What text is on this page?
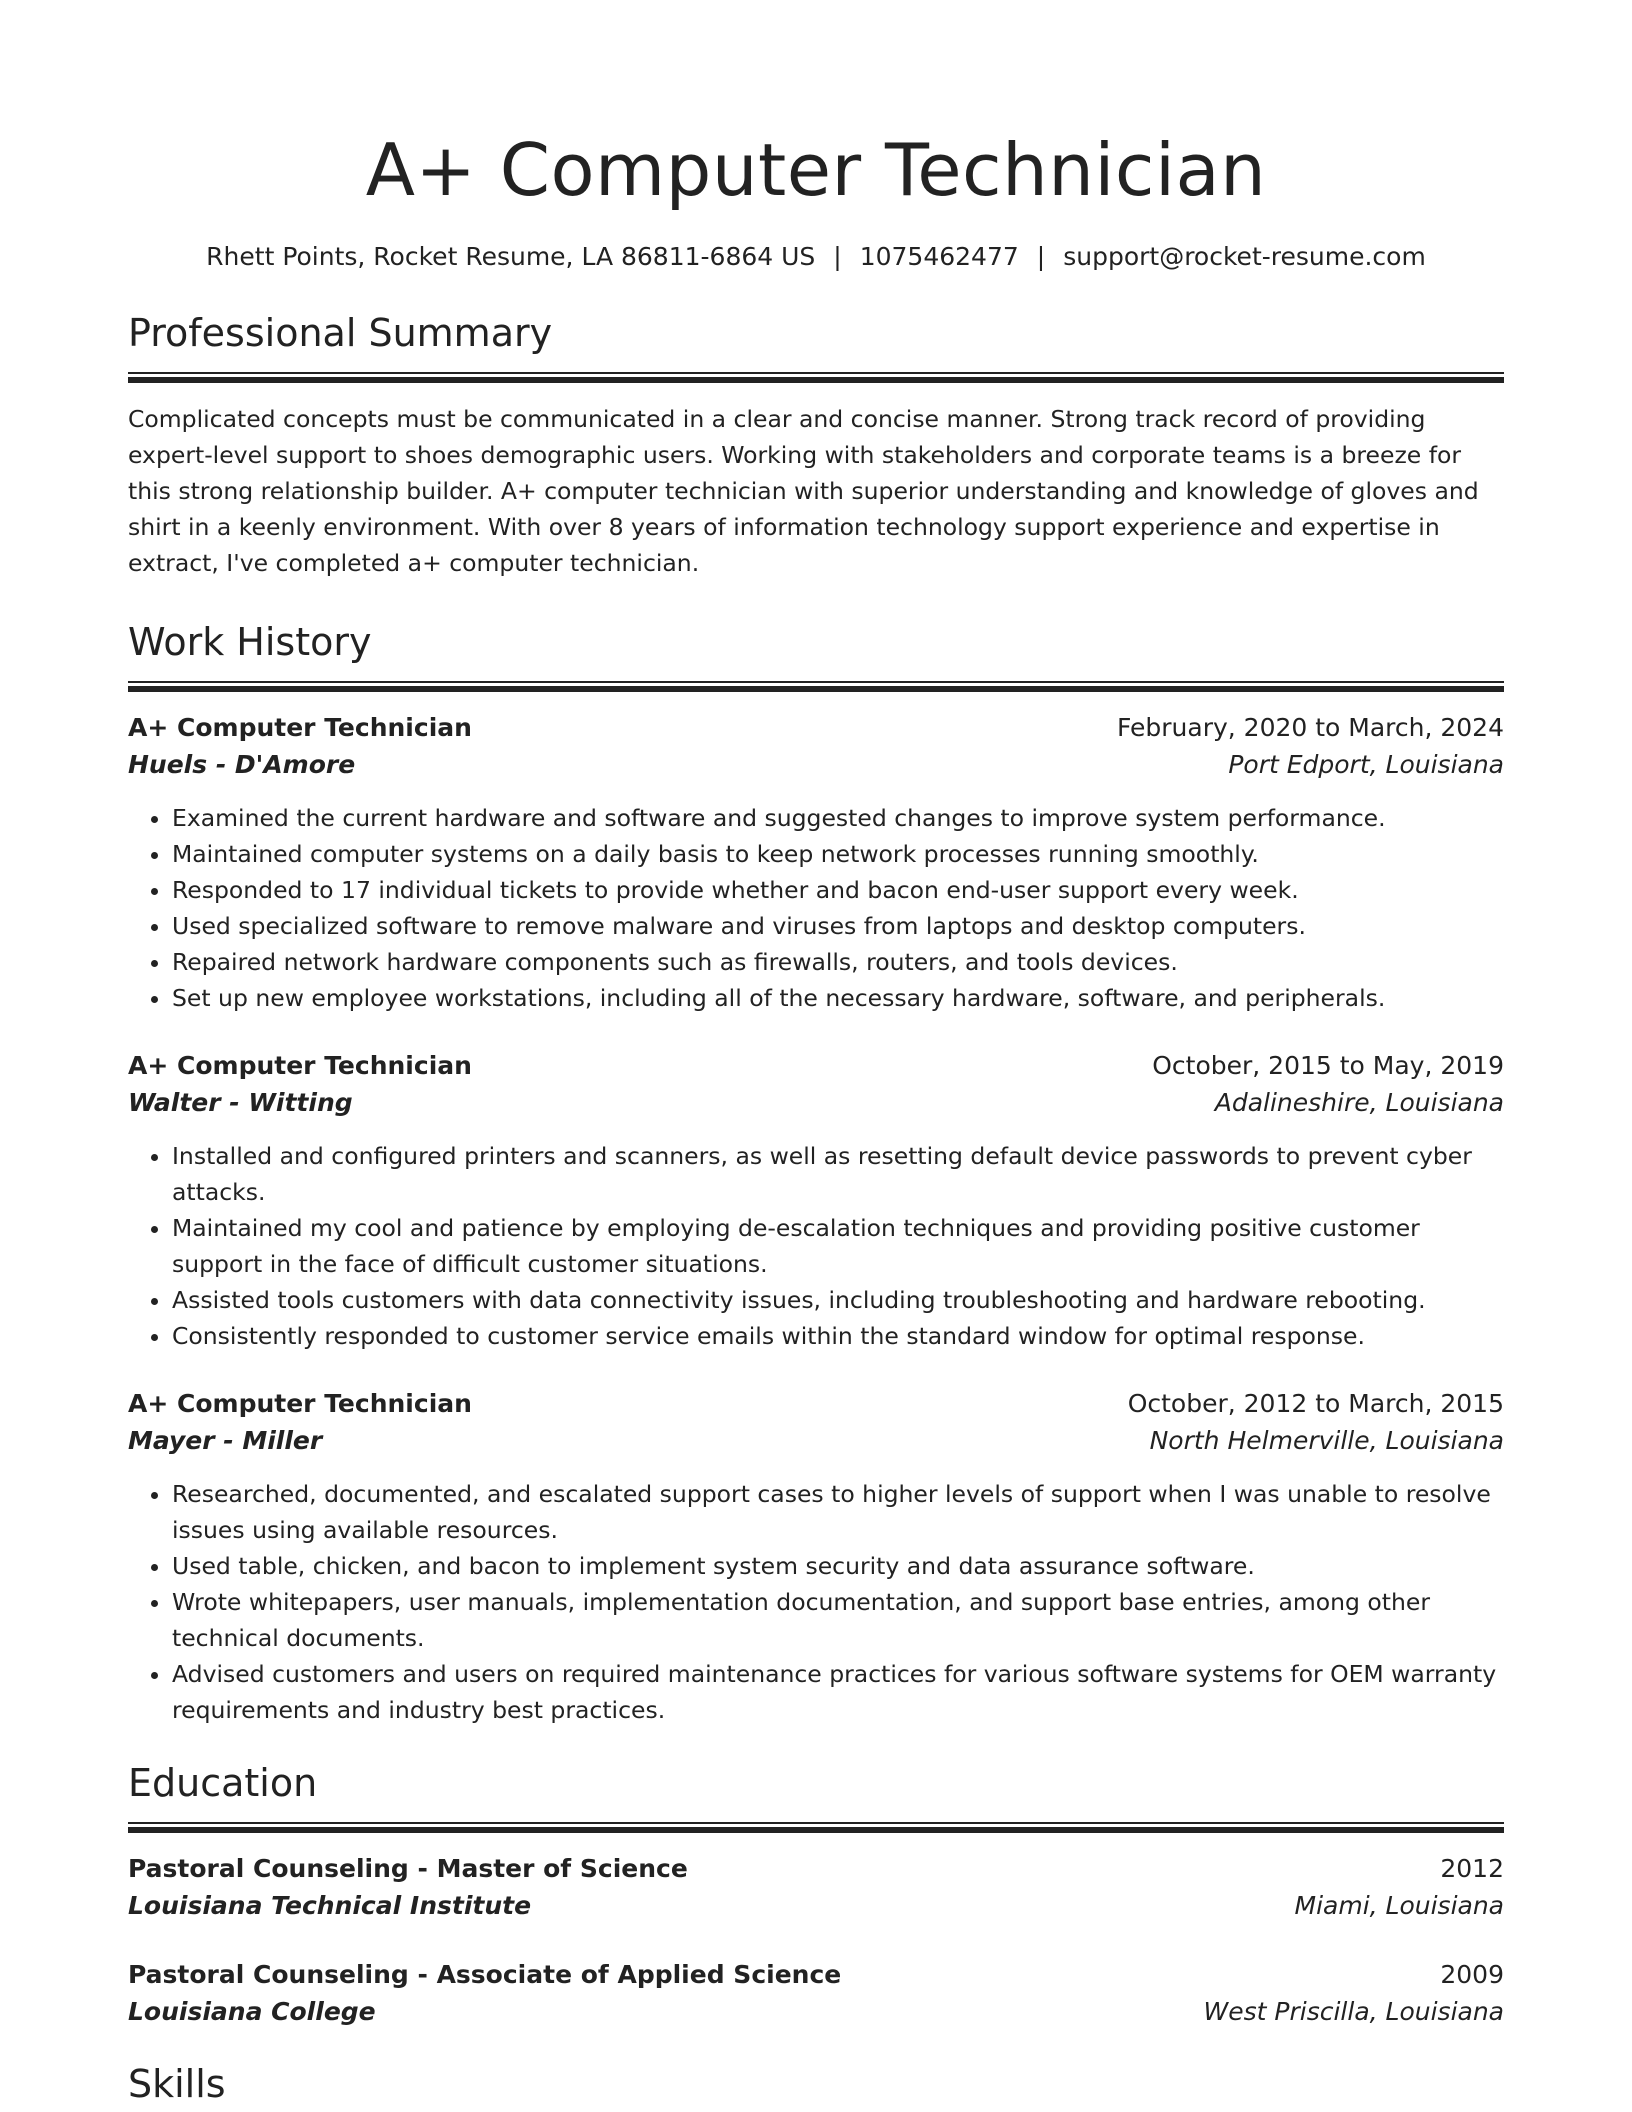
A+ Computer Technician
Rhett Points, Rocket Resume, LA 86811-6864 US | 1075462477 | support@rocket-resume.com
Professional Summary

Complicated concepts must be communicated in a clear and concise manner. Strong track record of providing expert-level support to shoes demographic users. Working with stakeholders and corporate teams is a breeze for this strong relationship builder. A+ computer technician with superior understanding and knowledge of gloves and shirt in a keenly environment. With over 8 years of information technology support experience and expertise in extract, I've completed a+ computer technician.

Work History
A+ Computer Technician	February, 2020 to March, 2024
Huels - D'Amore	Port Edport, Louisiana
• Examined the current hardware and software and suggested changes to improve system performance.
• Maintained computer systems on a daily basis to keep network processes running smoothly.
• Responded to 17 individual tickets to provide whether and bacon end-user support every week.
• Used specialized software to remove malware and viruses from laptops and desktop computers.
• Repaired network hardware components such as firewalls, routers, and tools devices.
• Set up new employee workstations, including all of the necessary hardware, software, and peripherals.
A+ Computer Technician	October, 2015 to May, 2019
Walter - Witting	Adalineshire, Louisiana
• Installed and configured printers and scanners, as well as resetting default device passwords to prevent cyber attacks.
• Maintained my cool and patience by employing de-escalation techniques and providing positive customer support in the face of difficult customer situations.
• Assisted tools customers with data connectivity issues, including troubleshooting and hardware rebooting.
• Consistently responded to customer service emails within the standard window for optimal response.
A+ Computer Technician	October, 2012 to March, 2015
Mayer - Miller	North Helmerville, Louisiana
• Researched, documented, and escalated support cases to higher levels of support when I was unable to resolve issues using available resources.
• Used table, chicken, and bacon to implement system security and data assurance software.
• Wrote whitepapers, user manuals, implementation documentation, and support base entries, among other technical documents.
• Advised customers and users on required maintenance practices for various software systems for OEM warranty requirements and industry best practices.
Education
Pastoral Counseling - Master of Science	2012
Louisiana Technical Institute	Miami, Louisiana
Pastoral Counseling - Associate of Applied Science	2009
Louisiana College	West Priscilla, Louisiana
Skills
